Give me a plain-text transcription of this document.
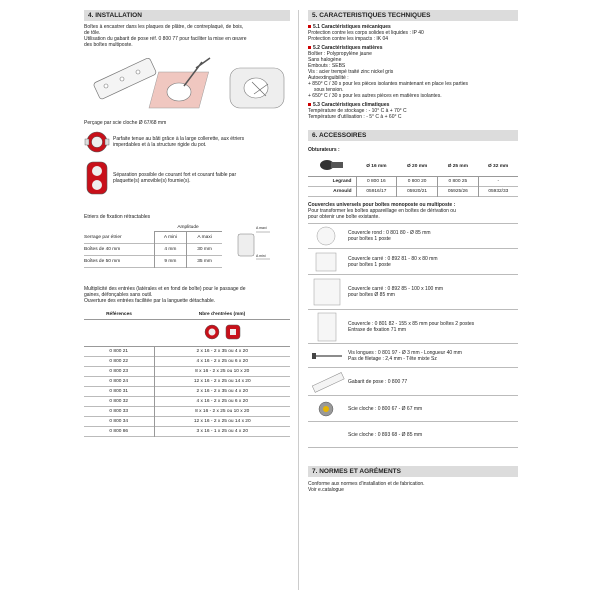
4. INSTALLATION
Boîtes à encastrer dans les plaques de plâtre, de contreplaqué, de bois,
de tôle.
Utilisation du gabarit de pose réf. 0 800 77 pour faciliter la mise en œuvre
des boîtes multiposte.
Perçage par scie cloche Ø 67/68 mm
Parfaite tenue au bâti grâce à la large collerette, aux étriers
imperdables et à la structure rigide du pot.
Séparation possible de courant fort et courant faible par
plaquette(s) amovible(s) fournie(s).
Etriers de fixation rétractables
	Amplitude	
Serrage par étrier	A mini	A maxi
Boîtes de 40 mm	4 mm	30 mm
Boîtes de 50 mm	9 mm	35 mm
A maxi
A mini
Multiplicité des entrées (latérales et en fond de boîte) pour le passage de
gaines, défonçables sans outil.
Ouverture des entrées facilitée par la languette détachable.
Références	Nbre d'entrées (mm)

0 800 21	2 x 16 - 2 x 35 ou 4 x 20
0 800 22	4 x 16 - 2 x 25 ou 6 x 20
0 800 23	8 x 16 - 2 x 25 ou 10 x 20
0 800 24	12 x 16 - 2 x 25 ou 14 x 20
0 800 31	2 x 16 - 2 x 35 ou 4 x 20
0 800 32	4 x 16 - 2 x 25 ou 6 x 20
0 800 33	8 x 16 - 2 x 25 ou 10 x 20
0 800 34	12 x 16 - 2 x 25 ou 14 x 20
0 800 86	3 x 16 - 1 x 25 ou 4 x 20
5. CARACTERISTIQUES TECHNIQUES
5.1 Caractéristiques mécaniques
Protection contre les corps solides et liquides : IP 40
Protection contre les impacts : IK 04
5.2 Caractéristiques matières
Boîtier : Polypropylène jaune
Sans halogène
Embouts : SEBS
Vis : acier trempé traité zinc nickel gris
Autoextinguibilité :
+ 850° C / 30 s pour les pièces isolantes maintenant en place les parties
sous tension.
+ 650° C / 30 s pour les autres pièces en matières isolantes.
5.3 Caractéristiques climatiques
Température de stockage : - 10° C à + 70° C
Température d'utilisation : - 5° C à + 60° C
6. ACCESSOIRES
Obturateurs :
	Ø 16 mm	Ø 20 mm	Ø 25 mm	Ø 32 mm
Legrand	0 800 16	0 800 20	0 800 25	-
Arnould	05916/17	05920/21	05925/26	05932/33
Couvercles universels pour boîtes monoposte ou multiposte :
Pour transformer les boîtes appareillage en boîtes de dérivation ou
pour obtenir une boîte existante.
Couvercle rond : 0 801 80 - Ø 85 mm
pour boîtes 1 poste
Couvercle carré : 0 892 81 - 80 x 80 mm
pour boîtes 1 poste
Couvercle carré : 0 892 85 - 100 x 100 mm
pour boîtes Ø 85 mm
Couvercle : 0 801 82 - 155 x 85 mm pour boîtes 2 postes
Entraxe de fixation 71 mm
Vis longues : 0 801 97 - Ø 3 mm - Longueur 40 mm
Pas de filetage : 2,4 mm - Tête mixte Sz
Gabarit de pose : 0 800 77
Scie cloche : 0 800 67 - Ø 67 mm
Scie cloche : 0 893 68 - Ø 85 mm
7. NORMES ET AGRÉMENTS
Conforme aux normes d'installation et de fabrication.
Voir e.catalogue
